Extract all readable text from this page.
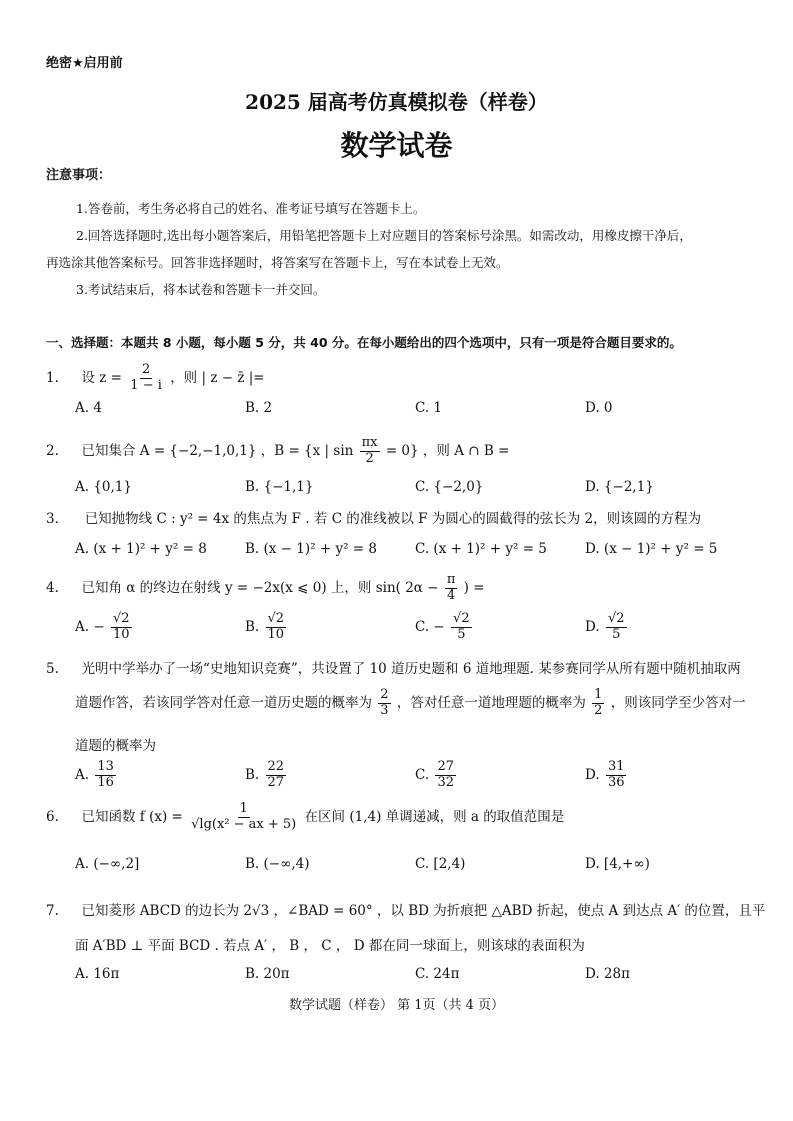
绝密★启用前
2025 届高考仿真模拟卷（样卷）
数学试卷
注意事项：
1.答卷前，考生务必将自己的姓名、准考证号填写在答题卡上。
2.回答选择题时,选出每小题答案后，用铅笔把答题卡上对应题目的答案标号涂黑。如需改动，用橡皮擦干净后，
再选涂其他答案标号。回答非选择题时，将答案写在答题卡上，写在本试卷上无效。
3.考试结束后，将本试卷和答题卡一并交回。
一、选择题：本题共 8 小题，每小题 5 分，共 40 分。在每小题给出的四个选项中，只有一项是符合题目要求的。
1. 设 $z = \frac{2}{1 - i}$ ，则 | z − z̄ |=
A. 4	B. 2	C. 1	D. 0
2. 已知集合 A = {−2,−1,0,1} ，B = {x | $\sin \frac{\pi x}{2} = 0$} ，则 A ∩ B =
A. {0,1}	B. {−1,1}	C. {−2,0}	D. {−2,1}
3． 已知抛物线 C : y² = 4x 的焦点为 F . 若 C 的准线被以 F 为圆心的圆截得的弦长为 2，则该圆的方程为
A. (x + 1)² + y² = 8	B. (x − 1)² + y² = 8	C. (x + 1)² + y² = 5	D. (x − 1)² + y² = 5
4. 已知角 α 的终边在射线 y = −2x(x ⩽ 0) 上，则 sin( $2\alpha - \frac{\pi}{4}$ ) =
A. − $\frac{√2}{10}$	B. $\frac{√2}{10}$	C. − $\frac{√2}{5}$	D. $\frac{√2}{5}$
5. 光明中学举办了一场“史地知识竞赛”，共设置了 10 道历史题和 6 道地理题. 某参赛同学从所有题中随机抽取两
道题作答，若该同学答对任意一道历史题的概率为 $\frac{2}{3}$ ，答对任意一道地理题的概率为 $\frac{1}{2}$ ，则该同学至少答对一
道题的概率为
A. $\frac{13}{16}$	B. $\frac{22}{27}$	C. $\frac{27}{32}$	D. $\frac{31}{36}$
6. 已知函数 f $(x) = \frac{1}{\text{√lg(x² − ax + 5)}}$ 在区间 (1,4) 单调递减，则 a 的取值范围是
A. (−∞,2]	B. (−∞,4)	C. [2,4)	D. [4,+∞)
7. 已知菱形 ABCD 的边长为 2√3 ，∠BAD = 60° ，以 BD 为折痕把 △ABD 折起，使点 A 到达点 A′ 的位置，且平
面 A′BD ⊥ 平面 BCD . 若点 A′ ， B ， C ， D 都在同一球面上，则该球的表面积为
A. 16π	B. 20π	C. 24π	D. 28π
数学试题（样卷） 第 1页（共 4 页）
